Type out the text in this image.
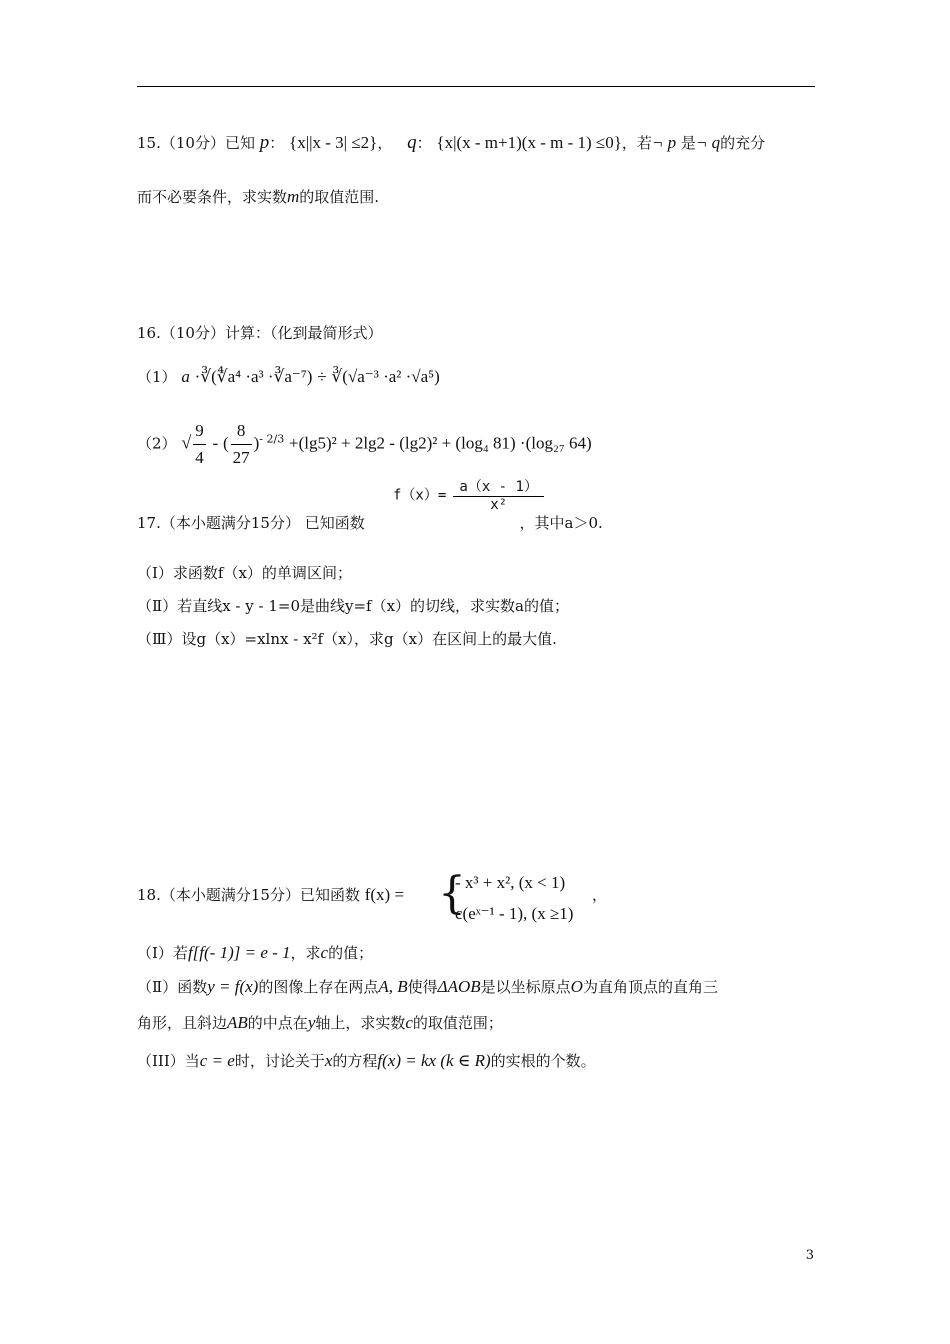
15.（10分）已知 p： {x||x - 3| ≤2}， q： {x|(x - m+1)(x - m - 1) ≤0}，若¬ p 是¬ q的充分
而不必要条件，求实数m的取值范围.
16.（10分）计算：（化到最简形式）
（1） a ·∛(∜a⁴ ·a³ ·∛a⁻⁷) ÷ ∛(√a⁻³ ·a² ·√a⁵)
（2） √ $\frac{9}{4}$ - ( $\frac{8}{27} )^{- 2/3} +(\lg 5)^2 + 2\lg 2 - (\lg 2)^2 + (\log_4$ 81) ·(log₂₇ 64)
$f(x)= \frac{a(x - 1)}{\text{x²}}$
17.（本小题满分15分） 已知函数	，其中a＞0.
（Ⅰ）求函数f（x）的单调区间；
（Ⅱ）若直线x - y - 1=0是曲线y=f（x）的切线，求实数a的值；
（Ⅲ）设g（x）=xlnx - x²f（x），求g（x）在区间上的最大值.
18.（本小题满分15分）已知函数 f(x) = {
- x³ + x², (x < 1)
c(eˣ⁻¹ - 1), (x ≥1)
，
（Ⅰ）若f[f(- 1)] = e - 1，求c的值；
（Ⅱ）函数y = f(x)的图像上存在两点A, B使得ΔAOB是以坐标原点O为直角顶点的直角三
角形，且斜边AB的中点在y轴上，求实数c的取值范围；
（III）当c = e时，讨论关于x的方程f(x) = kx (k ∈ R)的实根的个数。
3
